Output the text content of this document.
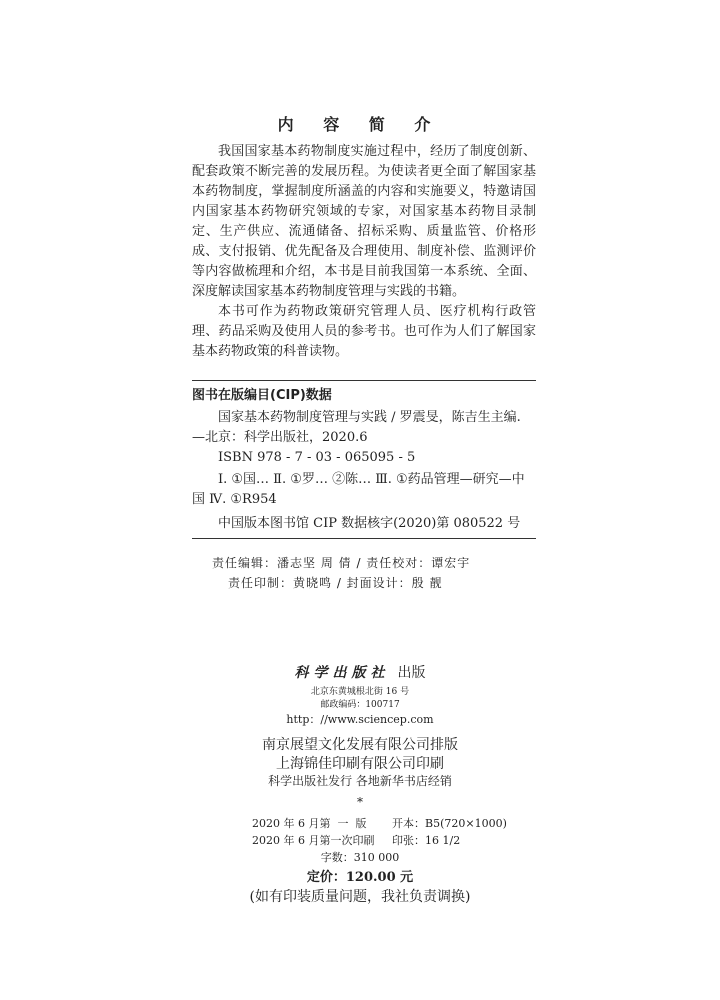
内 容 简 介

我国国家基本药物制度实施过程中，经历了制度创新、配套政策不断完善的发展历程。为使读者更全面了解国家基本药物制度，掌握制度所涵盖的内容和实施要义，特邀请国内国家基本药物研究领域的专家，对国家基本药物目录制定、生产供应、流通储备、招标采购、质量监管、价格形成、支付报销、优先配备及合理使用、制度补偿、监测评价等内容做梳理和介绍，本书是目前我国第一本系统、全面、深度解读国家基本药物制度管理与实践的书籍。

本书可作为药物政策研究管理人员、医疗机构行政管理、药品采购及使用人员的参考书。也可作为人们了解国家基本药物政策的科普读物。

图书在版编目(CIP)数据
国家基本药物制度管理与实践 / 罗震旻，陈吉生主编. —北京：科学出版社，2020.6
ISBN 978 - 7 - 03 - 065095 - 5
Ⅰ. ①国… Ⅱ. ①罗… ②陈… Ⅲ. ①药品管理—研究—中国 Ⅳ. ①R954
中国版本图书馆 CIP 数据核字(2020)第 080522 号
责任编辑：潘志坚 周 倩 / 责任校对：谭宏宇
责任印制：黄晓鸣 / 封面设计：殷 靓
科学出版社 出版
北京东黄城根北街 16 号
邮政编码：100717
http：//www.sciencep.com
南京展望文化发展有限公司排版
上海锦佳印刷有限公司印刷
科学出版社发行 各地新华书店经销
*
2020 年 6 月第  一  版 开本：B5(720×1000)
2020 年 6 月第一次印刷 印张：16 1/2
字数：310 000
定价：120.00 元
(如有印装质量问题，我社负责调换)
